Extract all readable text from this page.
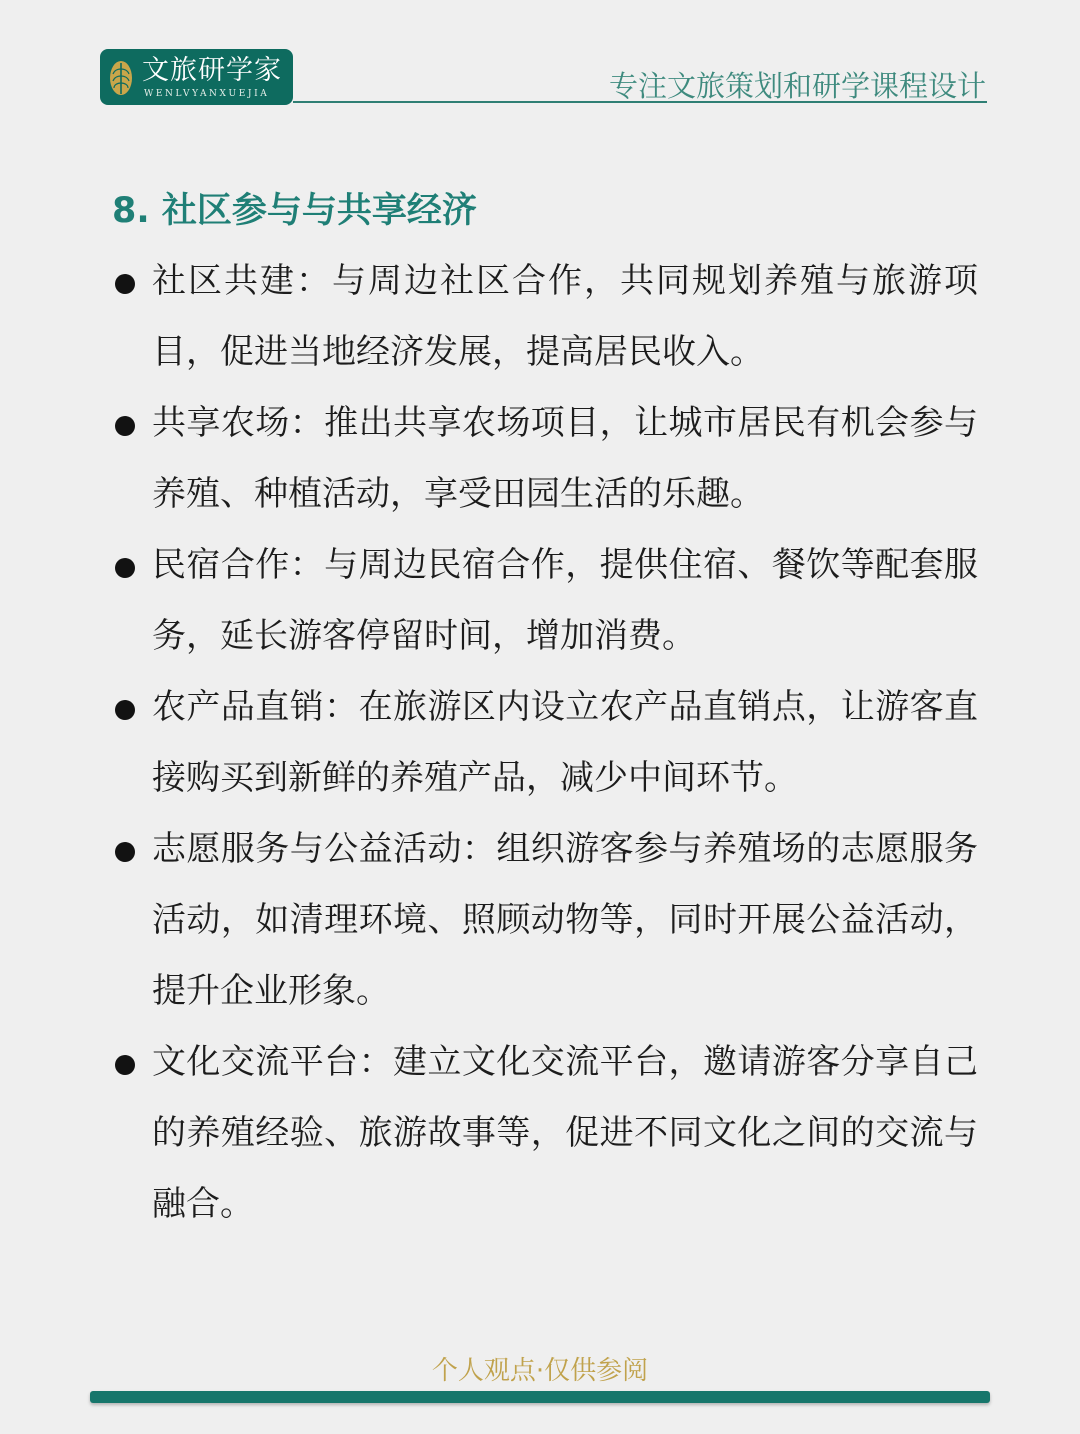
文旅研学家
WENLVYANXUEJIA	专注文旅策划和研学课程设计
8. 社区参与与共享经济
社区共建：与周边社区合作，共同规划养殖与旅游项目，促进当地经济发展，提高居民收入。
共享农场：推出共享农场项目，让城市居民有机会参与养殖、种植活动，享受田园生活的乐趣。
民宿合作：与周边民宿合作，提供住宿、餐饮等配套服务，延长游客停留时间，增加消费。
农产品直销：在旅游区内设立农产品直销点，让游客直接购买到新鲜的养殖产品，减少中间环节。
志愿服务与公益活动：组织游客参与养殖场的志愿服务活动，如清理环境、照顾动物等，同时开展公益活动，提升企业形象。
文化交流平台：建立文化交流平台，邀请游客分享自己的养殖经验、旅游故事等，促进不同文化之间的交流与融合。
个人观点·仅供参阅
